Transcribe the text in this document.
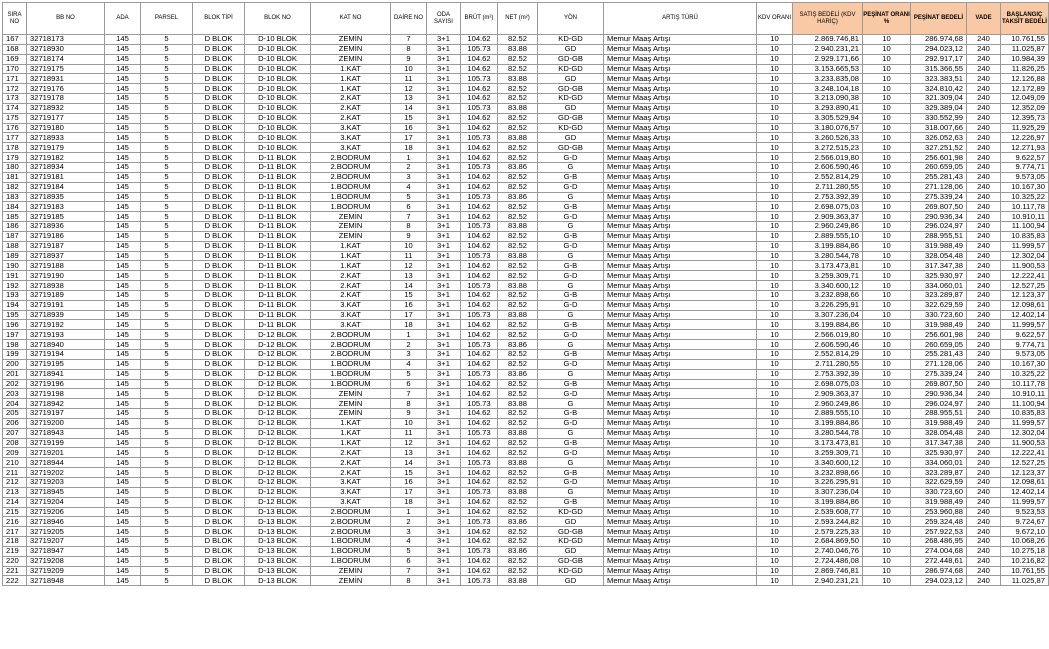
SIRA NO	BB NO	ADA	PARSEL	BLOK TİPİ	BLOK NO	KAT NO	DAİRE NO	ODA SAYISI	BRÜT (m²)	NET (m²)	YÖN	ARTIŞ TÜRÜ	KDV ORANI	SATIŞ BEDELİ (KDV HARİÇ)	PEŞİNAT ORANI %	PEŞİNAT BEDELİ	VADE	BAŞLANGIÇ TAKSİT BEDELİ
167	32718173	145	5	D BLOK	D-10 BLOK	ZEMİN	7	3+1	104.62	82.52	KD-GD	Memur Maaş Artışı	10	2.869.746,81	10	286.974,68	240	10.761,55
168	32718930	145	5	D BLOK	D-10 BLOK	ZEMİN	8	3+1	105.73	83.88	GD	Memur Maaş Artışı	10	2.940.231,21	10	294.023,12	240	11.025,87
169	32718174	145	5	D BLOK	D-10 BLOK	ZEMİN	9	3+1	104.62	82.52	GD-GB	Memur Maaş Artışı	10	2.929.171,66	10	292.917,17	240	10.984,39
170	32719175	145	5	D BLOK	D-10 BLOK	1.KAT	10	3+1	104.62	82.52	KD-GD	Memur Maaş Artışı	10	3.153.665,53	10	315.366,55	240	11.826,25
171	32718931	145	5	D BLOK	D-10 BLOK	1.KAT	11	3+1	105.73	83.88	GD	Memur Maaş Artışı	10	3.233.835,08	10	323.383,51	240	12.126,88
172	32719176	145	5	D BLOK	D-10 BLOK	1.KAT	12	3+1	104.62	82.52	GD-GB	Memur Maaş Artışı	10	3.248.104,18	10	324.810,42	240	12.172,89
173	32719178	145	5	D BLOK	D-10 BLOK	2.KAT	13	3+1	104.62	82.52	KD-GD	Memur Maaş Artışı	10	3.213.090,38	10	321.309,04	240	12.049,09
174	32718932	145	5	D BLOK	D-10 BLOK	2.KAT	14	3+1	105.73	83.88	GD	Memur Maaş Artışı	10	3.293.890,41	10	329.389,04	240	12.352,09
175	32719177	145	5	D BLOK	D-10 BLOK	2.KAT	15	3+1	104.62	82.52	GD-GB	Memur Maaş Artışı	10	3.305.529,94	10	330.552,99	240	12.395,73
176	32719180	145	5	D BLOK	D-10 BLOK	3.KAT	16	3+1	104.62	82.52	KD-GD	Memur Maaş Artışı	10	3.180.076,57	10	318.007,66	240	11.925,29
177	32718933	145	5	D BLOK	D-10 BLOK	3.KAT	17	3+1	105.73	83.88	GD	Memur Maaş Artışı	10	3.260.526,33	10	326.052,63	240	12.226,97
178	32719179	145	5	D BLOK	D-10 BLOK	3.KAT	18	3+1	104.62	82.52	GD-GB	Memur Maaş Artışı	10	3.272.515,23	10	327.251,52	240	12.271,93
179	32719182	145	5	D BLOK	D-11 BLOK	2.BODRUM	1	3+1	104.62	82.52	G-D	Memur Maaş Artışı	10	2.566.019,80	10	256.601,98	240	9.622,57
180	32718934	145	5	D BLOK	D-11 BLOK	2.BODRUM	2	3+1	105.73	83.86	G	Memur Maaş Artışı	10	2.606.590,46	10	260.659,05	240	9.774,71
181	32719181	145	5	D BLOK	D-11 BLOK	2.BODRUM	3	3+1	104.62	82.52	G-B	Memur Maaş Artışı	10	2.552.814,29	10	255.281,43	240	9.573,05
182	32719184	145	5	D BLOK	D-11 BLOK	1.BODRUM	4	3+1	104.62	82.52	G-D	Memur Maaş Artışı	10	2.711.280,55	10	271.128,06	240	10.167,30
183	32718935	145	5	D BLOK	D-11 BLOK	1.BODRUM	5	3+1	105.73	83.86	G	Memur Maaş Artışı	10	2.753.392,39	10	275.339,24	240	10.325,22
184	32719183	145	5	D BLOK	D-11 BLOK	1.BODRUM	6	3+1	104.62	82.52	G-B	Memur Maaş Artışı	10	2.698.075,03	10	269.807,50	240	10.117,78
185	32719185	145	5	D BLOK	D-11 BLOK	ZEMİN	7	3+1	104.62	82.52	G-D	Memur Maaş Artışı	10	2.909.363,37	10	290.936,34	240	10.910,11
186	32718936	145	5	D BLOK	D-11 BLOK	ZEMİN	8	3+1	105.73	83.88	G	Memur Maaş Artışı	10	2.960.249,86	10	296.024,97	240	11.100,94
187	32719186	145	5	D BLOK	D-11 BLOK	ZEMİN	9	3+1	104.62	82.52	G-B	Memur Maaş Artışı	10	2.889.555,10	10	288.955,51	240	10.835,83
188	32719187	145	5	D BLOK	D-11 BLOK	1.KAT	10	3+1	104.62	82.52	G-D	Memur Maaş Artışı	10	3.199.884,86	10	319.988,49	240	11.999,57
189	32718937	145	5	D BLOK	D-11 BLOK	1.KAT	11	3+1	105.73	83.88	G	Memur Maaş Artışı	10	3.280.544,78	10	328.054,48	240	12.302,04
190	32719188	145	5	D BLOK	D-11 BLOK	1.KAT	12	3+1	104.62	82.52	G-B	Memur Maaş Artışı	10	3.173.473,81	10	317.347,38	240	11.900,53
191	32719190	145	5	D BLOK	D-11 BLOK	2.KAT	13	3+1	104.62	82.52	G-D	Memur Maaş Artışı	10	3.259.309,71	10	325.930,97	240	12.222,41
192	32718938	145	5	D BLOK	D-11 BLOK	2.KAT	14	3+1	105.73	83.88	G	Memur Maaş Artışı	10	3.340.600,12	10	334.060,01	240	12.527,25
193	32719189	145	5	D BLOK	D-11 BLOK	2.KAT	15	3+1	104.62	82.52	G-B	Memur Maaş Artışı	10	3.232.898,66	10	323.289,87	240	12.123,37
194	32719191	145	5	D BLOK	D-11 BLOK	3.KAT	16	3+1	104.62	82.52	G-D	Memur Maaş Artışı	10	3.226.295,91	10	322.629,59	240	12.098,61
195	32718939	145	5	D BLOK	D-11 BLOK	3.KAT	17	3+1	105.73	83.88	G	Memur Maaş Artışı	10	3.307.236,04	10	330.723,60	240	12.402,14
196	32719192	145	5	D BLOK	D-11 BLOK	3.KAT	18	3+1	104.62	82.52	G-B	Memur Maaş Artışı	10	3.199.884,86	10	319.988,49	240	11.999,57
197	32719193	145	5	D BLOK	D-12 BLOK	2.BODRUM	1	3+1	104.62	82.52	G-D	Memur Maaş Artışı	10	2.566.019,80	10	256.601,98	240	9.622,57
198	32718940	145	5	D BLOK	D-12 BLOK	2.BODRUM	2	3+1	105.73	83.86	G	Memur Maaş Artışı	10	2.606.590,46	10	260.659,05	240	9.774,71
199	32719194	145	5	D BLOK	D-12 BLOK	2.BODRUM	3	3+1	104.62	82.52	G-B	Memur Maaş Artışı	10	2.552.814,29	10	255.281,43	240	9.573,05
200	32719195	145	5	D BLOK	D-12 BLOK	1.BODRUM	4	3+1	104.62	82.52	G-D	Memur Maaş Artışı	10	2.711.280,55	10	271.128,06	240	10.167,30
201	32718941	145	5	D BLOK	D-12 BLOK	1.BODRUM	5	3+1	105.73	83.86	G	Memur Maaş Artışı	10	2.753.392,39	10	275.339,24	240	10.325,22
202	32719196	145	5	D BLOK	D-12 BLOK	1.BODRUM	6	3+1	104.62	82.52	G-B	Memur Maaş Artışı	10	2.698.075,03	10	269.807,50	240	10.117,78
203	32719198	145	5	D BLOK	D-12 BLOK	ZEMİN	7	3+1	104.62	82.52	G-D	Memur Maaş Artışı	10	2.909.363,37	10	290.936,34	240	10.910,11
204	32718942	145	5	D BLOK	D-12 BLOK	ZEMİN	8	3+1	105.73	83.88	G	Memur Maaş Artışı	10	2.960.249,86	10	296.024,97	240	11.100,94
205	32719197	145	5	D BLOK	D-12 BLOK	ZEMİN	9	3+1	104.62	82.52	G-B	Memur Maaş Artışı	10	2.889.555,10	10	288.955,51	240	10.835,83
206	32719200	145	5	D BLOK	D-12 BLOK	1.KAT	10	3+1	104.62	82.52	G-D	Memur Maaş Artışı	10	3.199.884,86	10	319.988,49	240	11.999,57
207	32718943	145	5	D BLOK	D-12 BLOK	1.KAT	11	3+1	105.73	83.88	G	Memur Maaş Artışı	10	3.280.544,78	10	328.054,48	240	12.302,04
208	32719199	145	5	D BLOK	D-12 BLOK	1.KAT	12	3+1	104.62	82.52	G-B	Memur Maaş Artışı	10	3.173.473,81	10	317.347,38	240	11.900,53
209	32719201	145	5	D BLOK	D-12 BLOK	2.KAT	13	3+1	104.62	82.52	G-D	Memur Maaş Artışı	10	3.259.309,71	10	325.930,97	240	12.222,41
210	32718944	145	5	D BLOK	D-12 BLOK	2.KAT	14	3+1	105.73	83.88	G	Memur Maaş Artışı	10	3.340.600,12	10	334.060,01	240	12.527,25
211	32719202	145	5	D BLOK	D-12 BLOK	2.KAT	15	3+1	104.62	82.52	G-B	Memur Maaş Artışı	10	3.232.898,66	10	323.289,87	240	12.123,37
212	32719203	145	5	D BLOK	D-12 BLOK	3.KAT	16	3+1	104.62	82.52	G-D	Memur Maaş Artışı	10	3.226.295,91	10	322.629,59	240	12.098,61
213	32718945	145	5	D BLOK	D-12 BLOK	3.KAT	17	3+1	105.73	83.88	G	Memur Maaş Artışı	10	3.307.236,04	10	330.723,60	240	12.402,14
214	32719204	145	5	D BLOK	D-12 BLOK	3.KAT	18	3+1	104.62	82.52	G-B	Memur Maaş Artışı	10	3.199.884,86	10	319.988,49	240	11.999,57
215	32719206	145	5	D BLOK	D-13 BLOK	2.BODRUM	1	3+1	104.62	82.52	KD-GD	Memur Maaş Artışı	10	2.539.608,77	10	253.960,88	240	9.523,53
216	32718946	145	5	D BLOK	D-13 BLOK	2.BODRUM	2	3+1	105.73	83.86	GD	Memur Maaş Artışı	10	2.593.244,82	10	259.324,48	240	9.724,67
217	32719205	145	5	D BLOK	D-13 BLOK	2.BODRUM	3	3+1	104.62	82.52	GD-GB	Memur Maaş Artışı	10	2.579.225,33	10	257.922,53	240	9.672,10
218	32719207	145	5	D BLOK	D-13 BLOK	1.BODRUM	4	3+1	104.62	82.52	KD-GD	Memur Maaş Artışı	10	2.684.869,50	10	268.486,95	240	10.068,26
219	32718947	145	5	D BLOK	D-13 BLOK	1.BODRUM	5	3+1	105.73	83.86	GD	Memur Maaş Artışı	10	2.740.046,76	10	274.004,68	240	10.275,18
220	32719208	145	5	D BLOK	D-13 BLOK	1.BODRUM	6	3+1	104.62	82.52	GD-GB	Memur Maaş Artışı	10	2.724.486,08	10	272.448,61	240	10.216,82
221	32719209	145	5	D BLOK	D-13 BLOK	ZEMİN	7	3+1	104.62	82.52	KD-GD	Memur Maaş Artışı	10	2.869.746,81	10	286.974,68	240	10.761,55
222	32718948	145	5	D BLOK	D-13 BLOK	ZEMİN	8	3+1	105.73	83.88	GD	Memur Maaş Artışı	10	2.940.231,21	10	294.023,12	240	11.025,87
